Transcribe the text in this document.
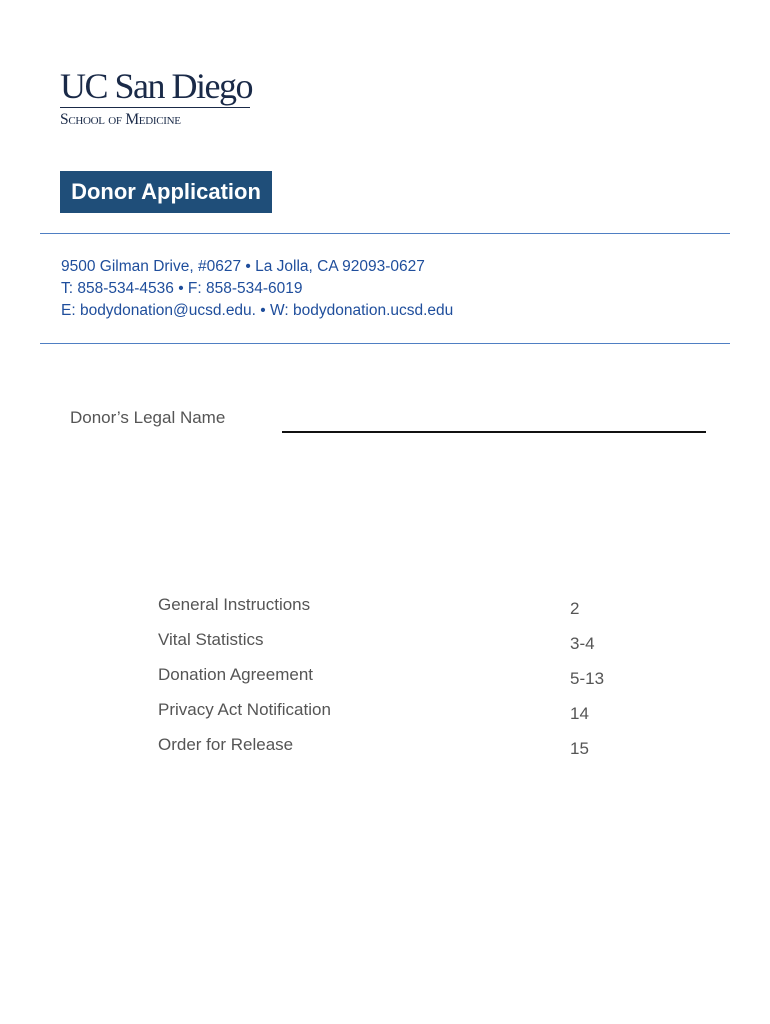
UC San Diego
School of Medicine
Donor Application
9500 Gilman Drive, #0627 • La Jolla, CA 92093-0627
T: 858-534-4536 • F: 858-534-6019
E: bodydonation@ucsd.edu. • W: bodydonation.ucsd.edu
Donor’s Legal Name
General Instructions	2
Vital Statistics	3-4
Donation Agreement	5-13
Privacy Act Notification	14
Order for Release	15
